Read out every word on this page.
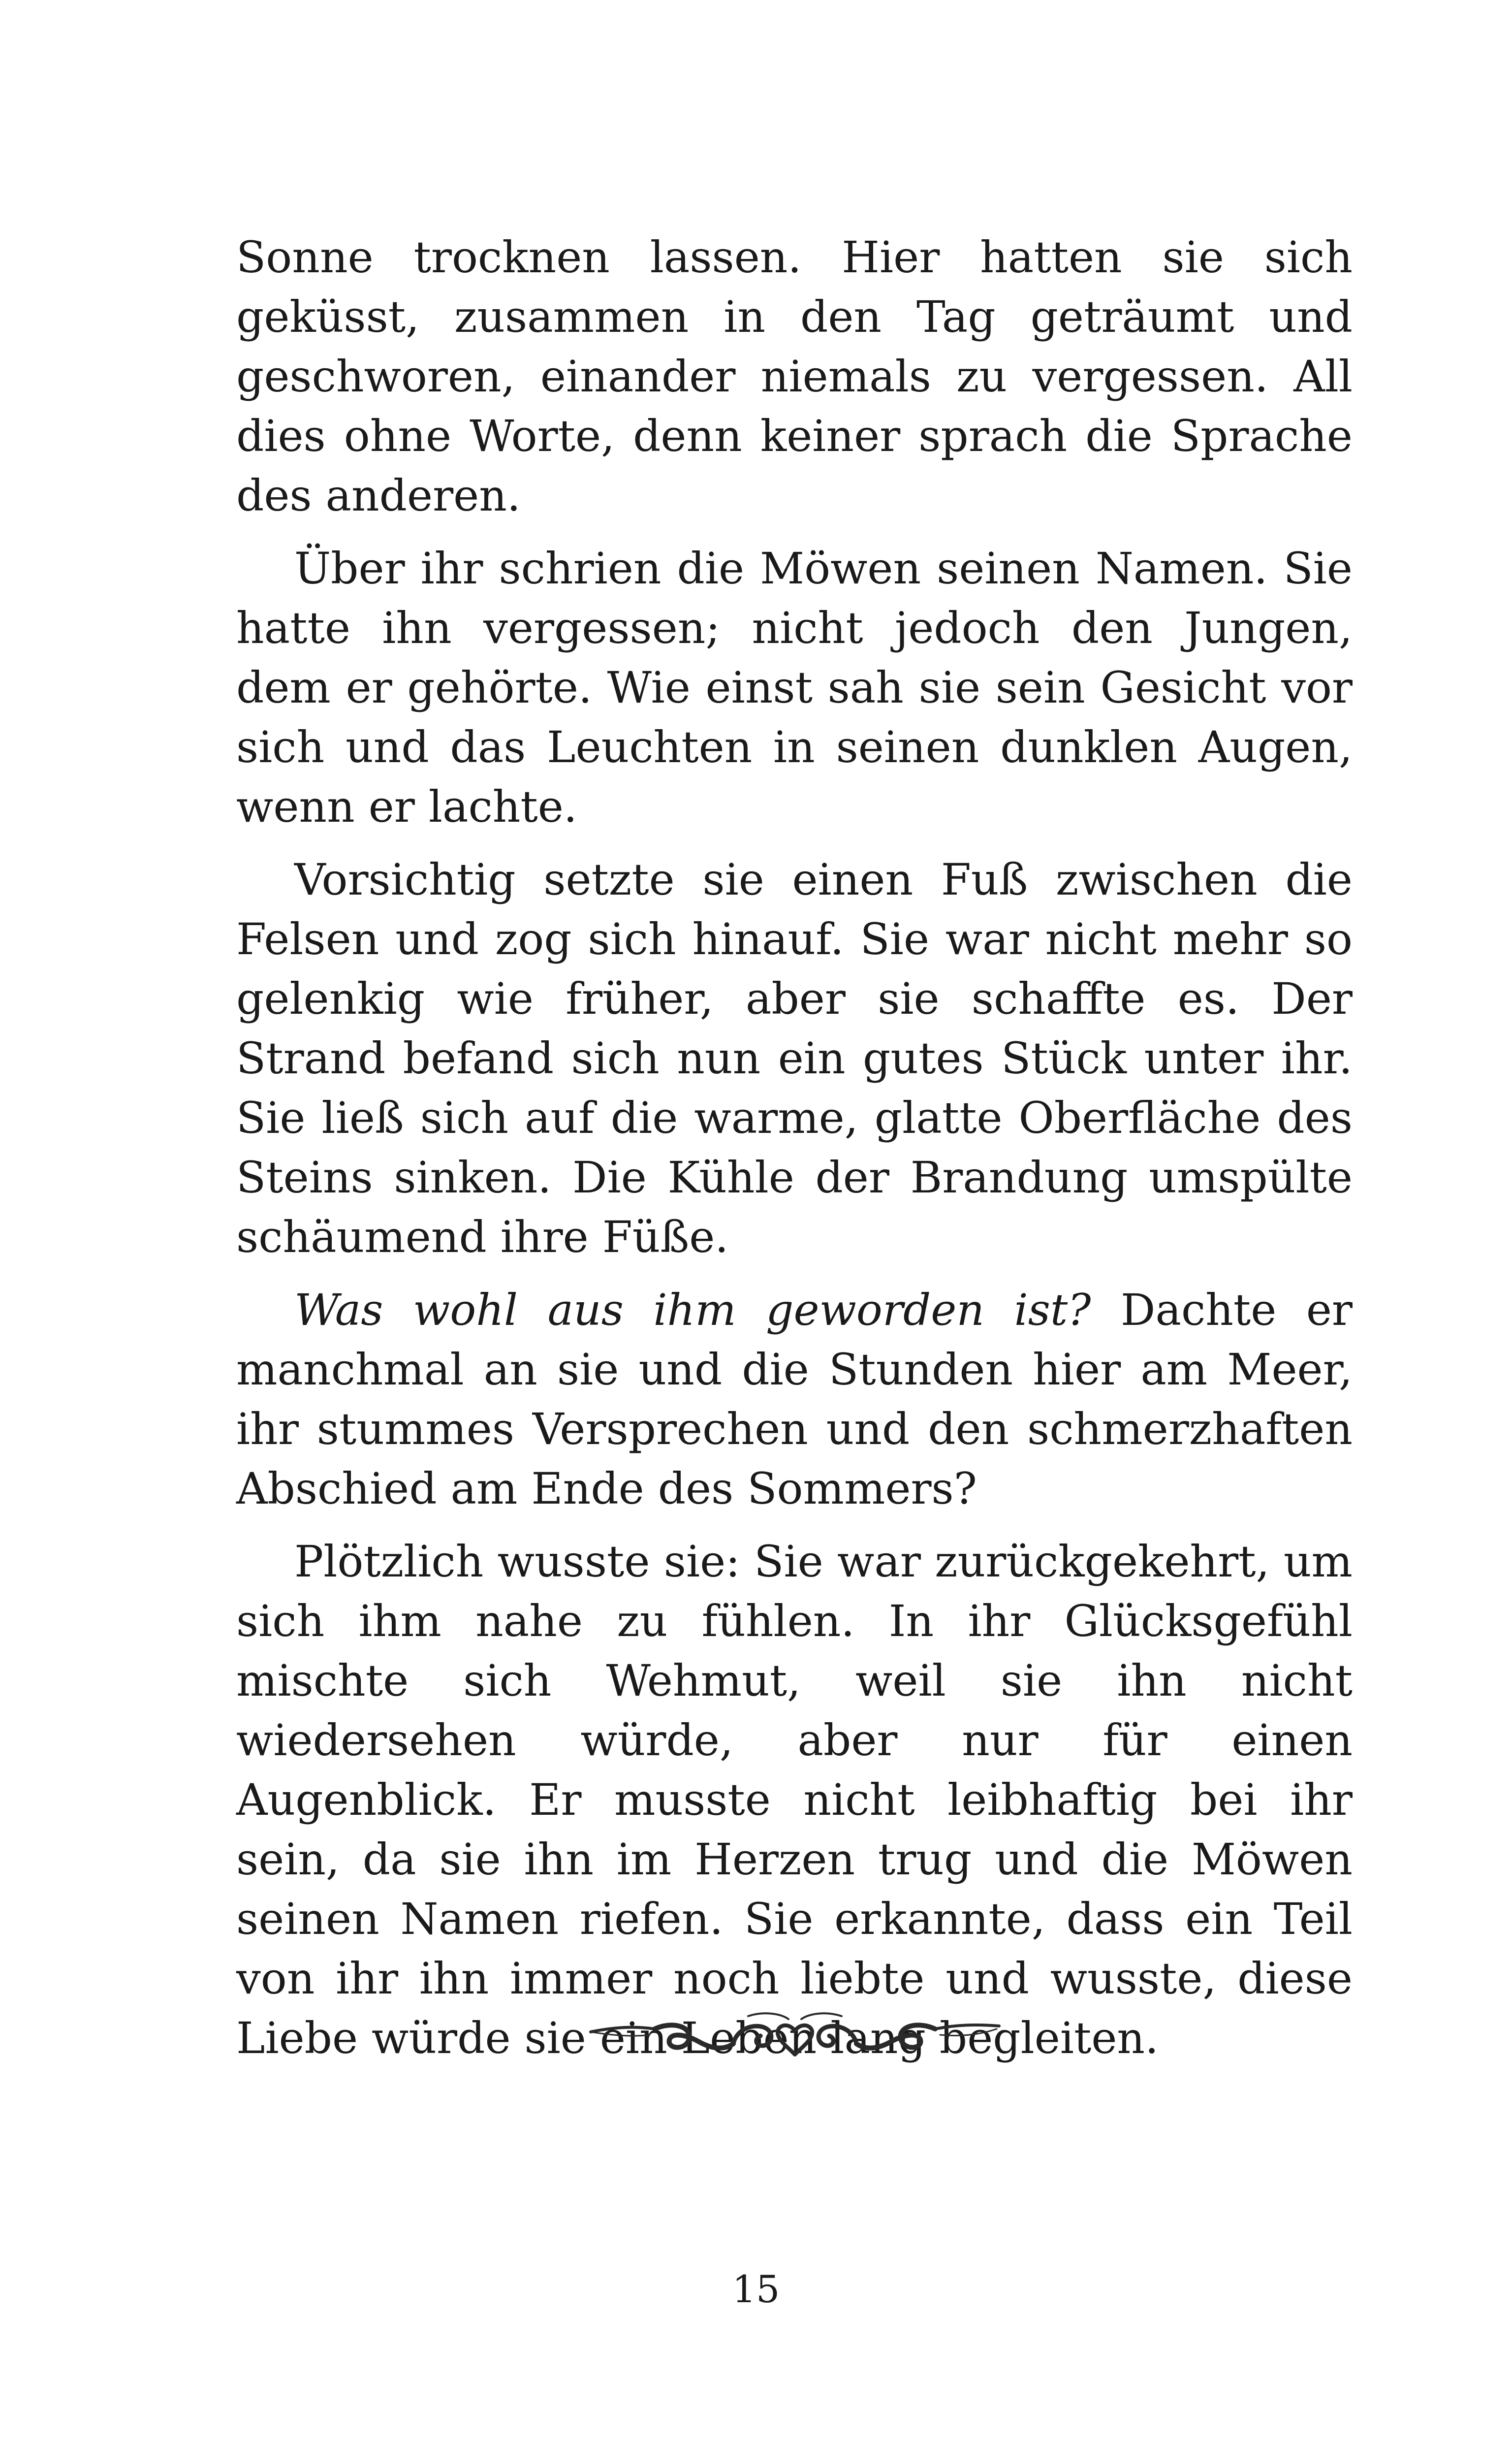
Sonne trocknen lassen. Hier hatten sie sich geküsst, zusammen in den Tag geträumt und geschworen, einander niemals zu vergessen. All dies ohne Worte, denn keiner sprach die Sprache des anderen.

Über ihr schrien die Möwen seinen Namen. Sie hatte ihn vergessen; nicht jedoch den Jungen, dem er gehörte. Wie einst sah sie sein Gesicht vor sich und das Leuchten in seinen dunklen Augen, wenn er lachte.

Vorsichtig setzte sie einen Fuß zwischen die Felsen und zog sich hinauf. Sie war nicht mehr so gelenkig wie früher, aber sie schaffte es. Der Strand befand sich nun ein gutes Stück unter ihr. Sie ließ sich auf die warme, glatte Oberfläche des Steins sinken. Die Kühle der Brandung umspülte schäumend ihre Füße.

Was wohl aus ihm geworden ist? Dachte er manchmal an sie und die Stunden hier am Meer, ihr stummes Versprechen und den schmerzhaften Abschied am Ende des Sommers?

Plötzlich wusste sie: Sie war zurückgekehrt, um sich ihm nahe zu fühlen. In ihr Glücksgefühl mischte sich Wehmut, weil sie ihn nicht wiedersehen würde, aber nur für einen Augenblick. Er musste nicht leibhaftig bei ihr sein, da sie ihn im Herzen trug und die Möwen seinen Namen riefen. Sie erkannte, dass ein Teil von ihr ihn immer noch liebte und wusste, diese Liebe würde sie ein Leben lang begleiten.

15
